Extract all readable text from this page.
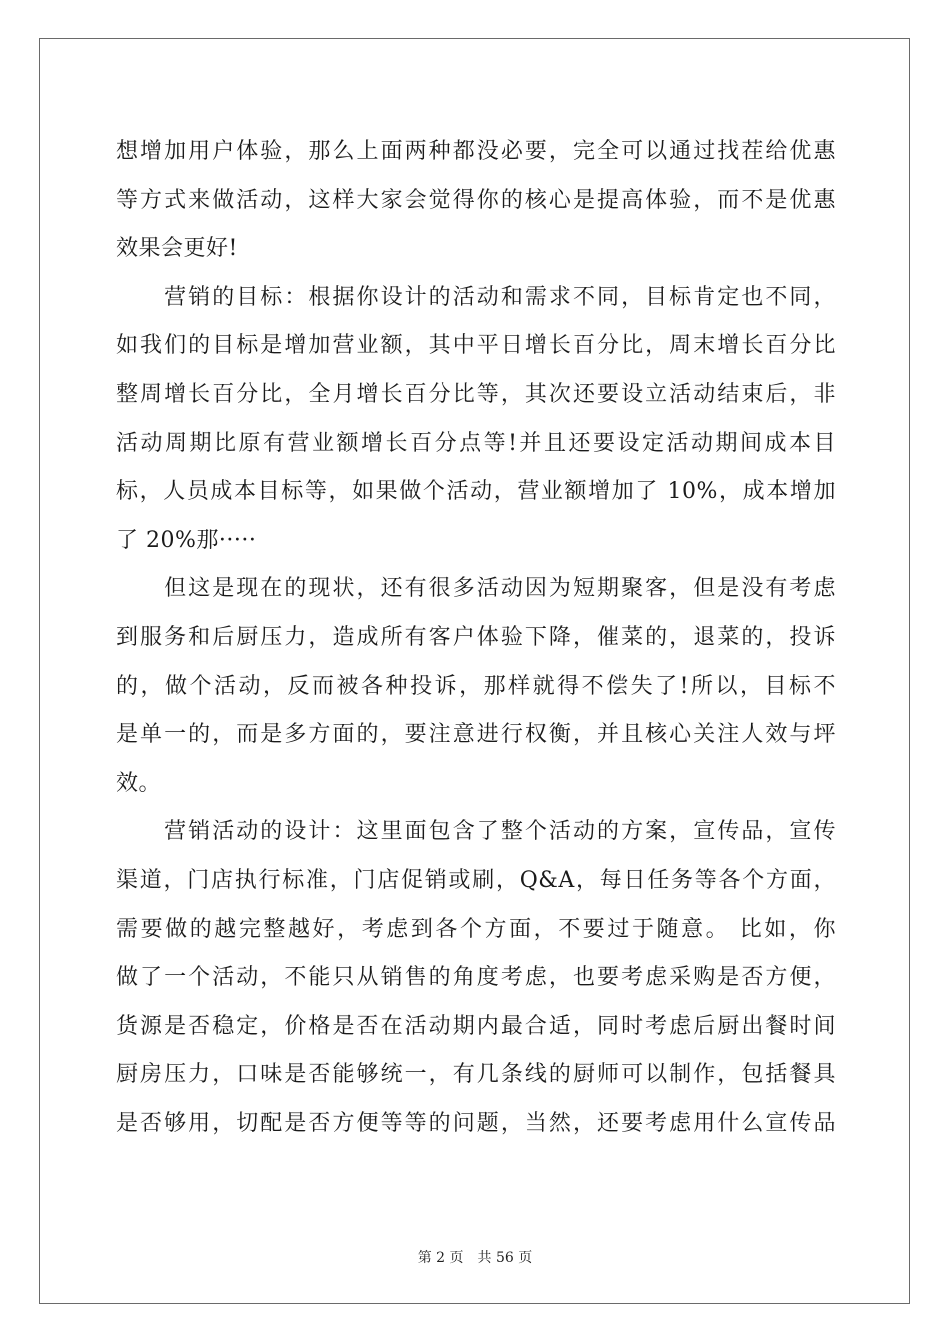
想增加用户体验，那么上面两种都没必要，完全可以通过找茬给优惠
等方式来做活动，这样大家会觉得你的核心是提高体验，而不是优惠
效果会更好!
　　营销的目标：根据你设计的活动和需求不同，目标肯定也不同，
如我们的目标是增加营业额，其中平日增长百分比，周末增长百分比
整周增长百分比，全月增长百分比等，其次还要设立活动结束后，非
活动周期比原有营业额增长百分点等!并且还要设定活动期间成本目
标，人员成本目标等，如果做个活动，营业额增加了 10%，成本增加
了 20%那·····
　　但这是现在的现状，还有很多活动因为短期聚客，但是没有考虑
到服务和后厨压力，造成所有客户体验下降，催菜的，退菜的，投诉
的，做个活动，反而被各种投诉，那样就得不偿失了!所以，目标不
是单一的，而是多方面的，要注意进行权衡，并且核心关注人效与坪
效。
　　营销活动的设计：这里面包含了整个活动的方案，宣传品，宣传
渠道，门店执行标准，门店促销或刷，Q&A，每日任务等各个方面，
需要做的越完整越好，考虑到各个方面，不要过于随意。 比如，你
做了一个活动，不能只从销售的角度考虑，也要考虑采购是否方便，
货源是否稳定，价格是否在活动期内最合适，同时考虑后厨出餐时间
厨房压力，口味是否能够统一，有几条线的厨师可以制作，包括餐具
是否够用，切配是否方便等等的问题，当然，还要考虑用什么宣传品
第 2 页　共 56 页
